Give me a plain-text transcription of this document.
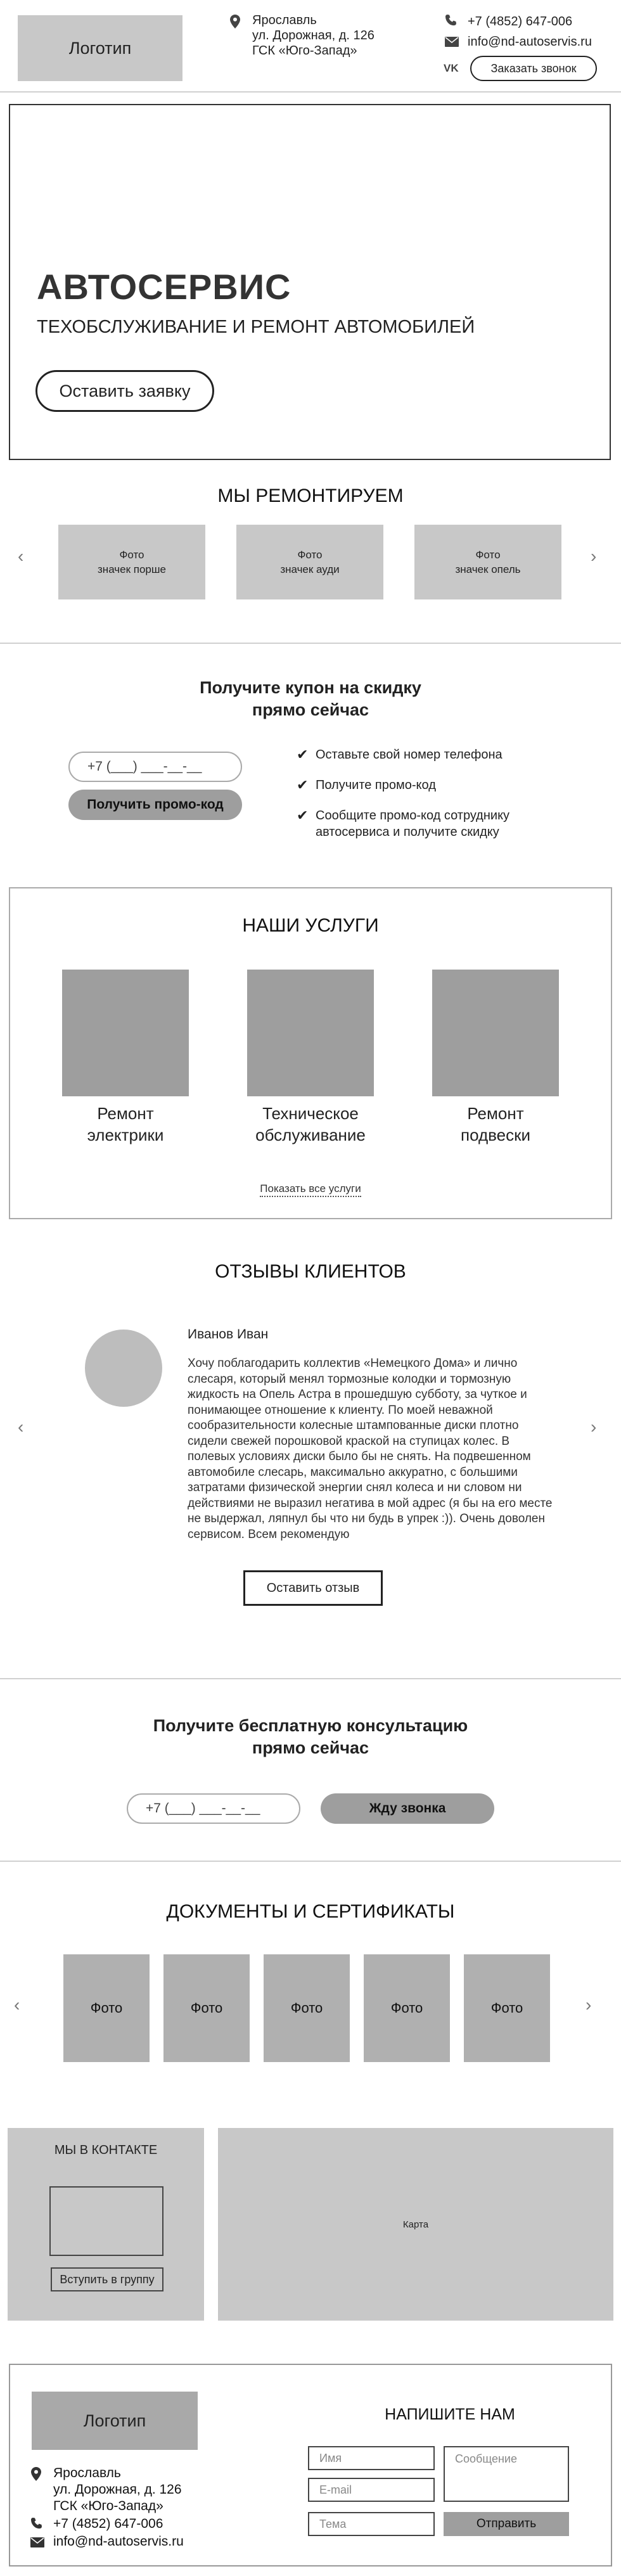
Логотип
Ярославль
ул. Дорожная, д. 126
ГСК «Юго-Запад»
+7 (4852) 647-006
info@nd-autoservis.ru
VK	Заказать звонок
АВТОСЕРВИС
ТЕХОБСЛУЖИВАНИЕ И РЕМОНТ АВТОМОБИЛЕЙ
Оставить заявку
МЫ РЕМОНТИРУЕМ
‹	›
Фото
значек порше
Фото
значек ауди
Фото
значек опель
Получите купон на скидку
прямо сейчас
+7 (___) ___-__-__
Получить промо-код
✔ Оставьте свой номер телефона
✔ Получите промо-код
✔ Сообщите промо-код сотруднику автосервиса и получите скидку
НАШИ УСЛУГИ
Ремонт
электрики
Техническое
обслуживание
Ремонт
подвески
Показать все услуги
ОТЗЫВЫ КЛИЕНТОВ
‹	›
Иванов Иван
Хочу поблагодарить коллектив «Немецкого Дома» и лично слесаря, который менял тормозные колодки и тормозную жидкость на Опель Астра в прошедшую субботу, за чуткое и понимающее отношение к клиенту. По моей неважной сообразительности колесные штампованные диски плотно сидели свежей порошковой краской на ступицах колес. В полевых условиях диски было бы не снять. На подвешенном автомобиле слесарь, максимально аккуратно, с большими затратами физической энергии снял колеса и ни словом ни действиями не выразил негатива в мой адрес (я бы на его месте не выдержал, ляпнул бы что ни будь в упрек :)). Очень доволен сервисом. Всем рекомендую
Оставить отзыв
Получите бесплатную консультацию
прямо сейчас
+7 (___) ___-__-__	Жду звонка
ДОКУМЕНТЫ И СЕРТИФИКАТЫ
‹	›
Фото	Фото	Фото	Фото	Фото
МЫ В КОНТАКТЕ
Вступить в группу
Карта
Логотип
Ярославль
ул. Дорожная, д. 126
ГСК «Юго-Запад»
+7 (4852) 647-006
info@nd-autoservis.ru
НАПИШИТЕ НАМ
Имя
E-mail
Тема
Сообщение
Отправить
